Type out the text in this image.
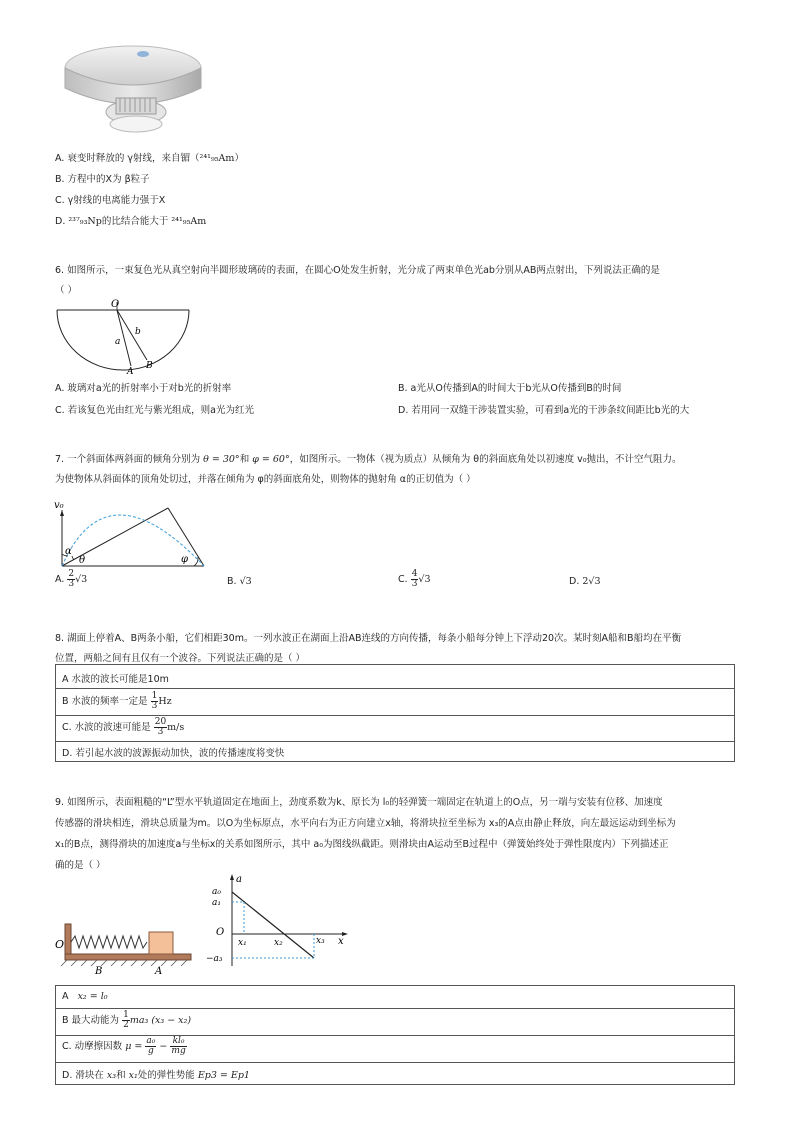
A. 衰变时释放的 γ射线，来自镅（²⁴¹₉₅Am）
B. 方程中的X为 β粒子
C. γ射线的电离能力强于X
D. ²³⁷₉₃Np的比结合能大于 ²⁴¹₉₅Am
6. 如图所示，一束复色光从真空射向半圆形玻璃砖的表面，在圆心O处发生折射，光分成了两束单色光ab分别从AB两点射出，下列说法正确的是
（ ）
O
a
b
A
B
A. 玻璃对a光的折射率小于对b光的折射率	B. a光从O传播到A的时间大于b光从O传播到B的时间
C. 若该复色光由红光与紫光组成，则a光为红光	D. 若用同一双缝干涉装置实验，可看到a光的干涉条纹间距比b光的大
7. 一个斜面体两斜面的倾角分别为 θ = 30°和 φ = 60°，如图所示。一物体（视为质点）从倾角为 θ的斜面底角处以初速度 v₀抛出，不计空气阻力。
为使物体从斜面体的顶角处切过，并落在倾角为 φ的斜面底角处，则物体的抛射角 α的正切值为（ ）
v₀
α
θ	φ
A. $\frac{2}{3} √3$	B. √3	C. $\frac{4}{3} √3$	D. 2√3
8. 湖面上停着A、B两条小船，它们相距30m。一列水波正在湖面上沿AB连线的方向传播，每条小船每分钟上下浮动20次。某时刻A船和B船均在平衡
位置，两船之间有且仅有一个波谷。下列说法正确的是（ ）
A 水波的波长可能是10m
B 水波的频率一定是 $\frac{1}{3}$ Hz
C. 水波的波速可能是 $\frac{20}{3} m/s$
D. 若引起水波的波源振动加快，波的传播速度将变快
9. 如图所示，表面粗糙的“L”型水平轨道固定在地面上，劲度系数为k、原长为 l₀的轻弹簧一端固定在轨道上的O点，另一端与安装有位移、加速度
传感器的滑块相连，滑块总质量为m。以O为坐标原点，水平向右为正方向建立x轴，将滑块拉至坐标为 x₃的A点由静止释放，向左最远运动到坐标为
x₁的B点，测得滑块的加速度a与坐标x的关系如图所示，其中 a₀为图线纵截距。则滑块由A运动至B过程中（弹簧始终处于弹性限度内）下列描述正
确的是（ ）
O
B	A
a
a₀
a₁
O
x₁	x₂	x₃ x
−a₃
A x₂ = l₀
B 最大动能为 $\frac{1}{2} ma_3$ (x₃ − x₂)
C. 动摩擦因数 $\mu = \frac{\text{a₀}}{g} - \frac{\text{kl₀}}{mg}$
D. 滑块在 x₃和 x₁处的弹性势能 Ep3 = Ep1
